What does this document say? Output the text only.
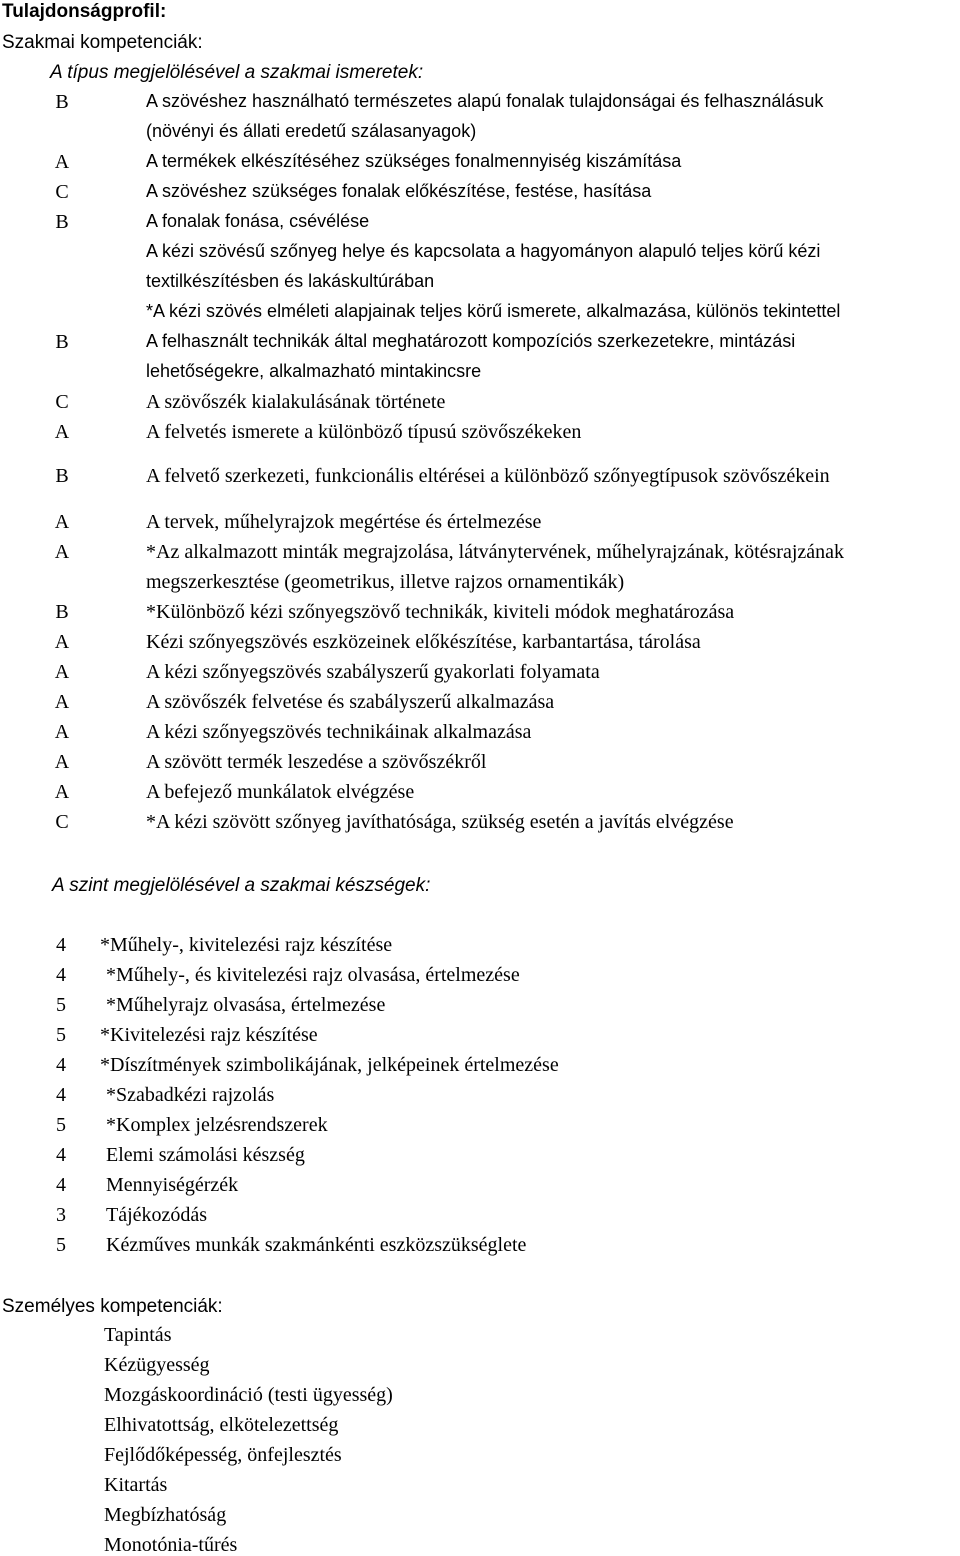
Tulajdonságprofil:
Szakmai kompetenciák:
A típus megjelölésével a szakmai ismeretek:
A szint megjelölésével a szakmai készségek:
Személyes kompetenciák:
B	A szövéshez használható természetes alapú fonalak tulajdonságai és felhasználásuk
(növényi és állati eredetű szálasanyagok)
A	A termékek elkészítéséhez szükséges fonalmennyiség kiszámítása
C	A szövéshez szükséges fonalak előkészítése, festése, hasítása
B	A fonalak fonása, csévélése
A kézi szövésű szőnyeg helye és kapcsolata a hagyományon alapuló teljes körű kézi
textilkészítésben és lakáskultúrában
*A kézi szövés elméleti alapjainak teljes körű ismerete, alkalmazása, különös tekintettel
B	A felhasznált technikák által meghatározott kompozíciós szerkezetekre, mintázási
lehetőségekre, alkalmazható mintakincsre
C	A szövőszék kialakulásának története
A	A felvetés ismerete a különböző típusú szövőszékeken
B	A felvető szerkezeti, funkcionális eltérései a különböző szőnyegtípusok szövőszékein
A	A tervek, műhelyrajzok megértése és értelmezése
A	*Az alkalmazott minták megrajzolása, látványtervének, műhelyrajzának, kötésrajzának
megszerkesztése (geometrikus, illetve rajzos ornamentikák)
B	*Különböző kézi szőnyegszövő technikák, kiviteli módok meghatározása
A	Kézi szőnyegszövés eszközeinek előkészítése, karbantartása, tárolása
A	A kézi szőnyegszövés szabályszerű gyakorlati folyamata
A	A szövőszék felvetése és szabályszerű alkalmazása
A	A kézi szőnyegszövés technikáinak alkalmazása
A	A szövött termék leszedése a szövőszékről
A	A befejező munkálatok elvégzése
C	*A kézi szövött szőnyeg javíthatósága, szükség esetén a javítás elvégzése
4 *Műhely-, kivitelezési rajz készítése
4 *Műhely-, és kivitelezési rajz olvasása, értelmezése
5 *Műhelyrajz olvasása, értelmezése
5 *Kivitelezési rajz készítése
4 *Díszítmények szimbolikájának, jelképeinek értelmezése
4 *Szabadkézi rajzolás
5 *Komplex jelzésrendszerek
4 Elemi számolási készség
4 Mennyiségérzék
3 Tájékozódás
5 Kézműves munkák szakmánkénti eszközszükséglete
Tapintás
Kézügyesség
Mozgáskoordináció (testi ügyesség)
Elhivatottság, elkötelezettség
Fejlődőképesség, önfejlesztés
Kitartás
Megbízhatóság
Monotónia-tűrés
